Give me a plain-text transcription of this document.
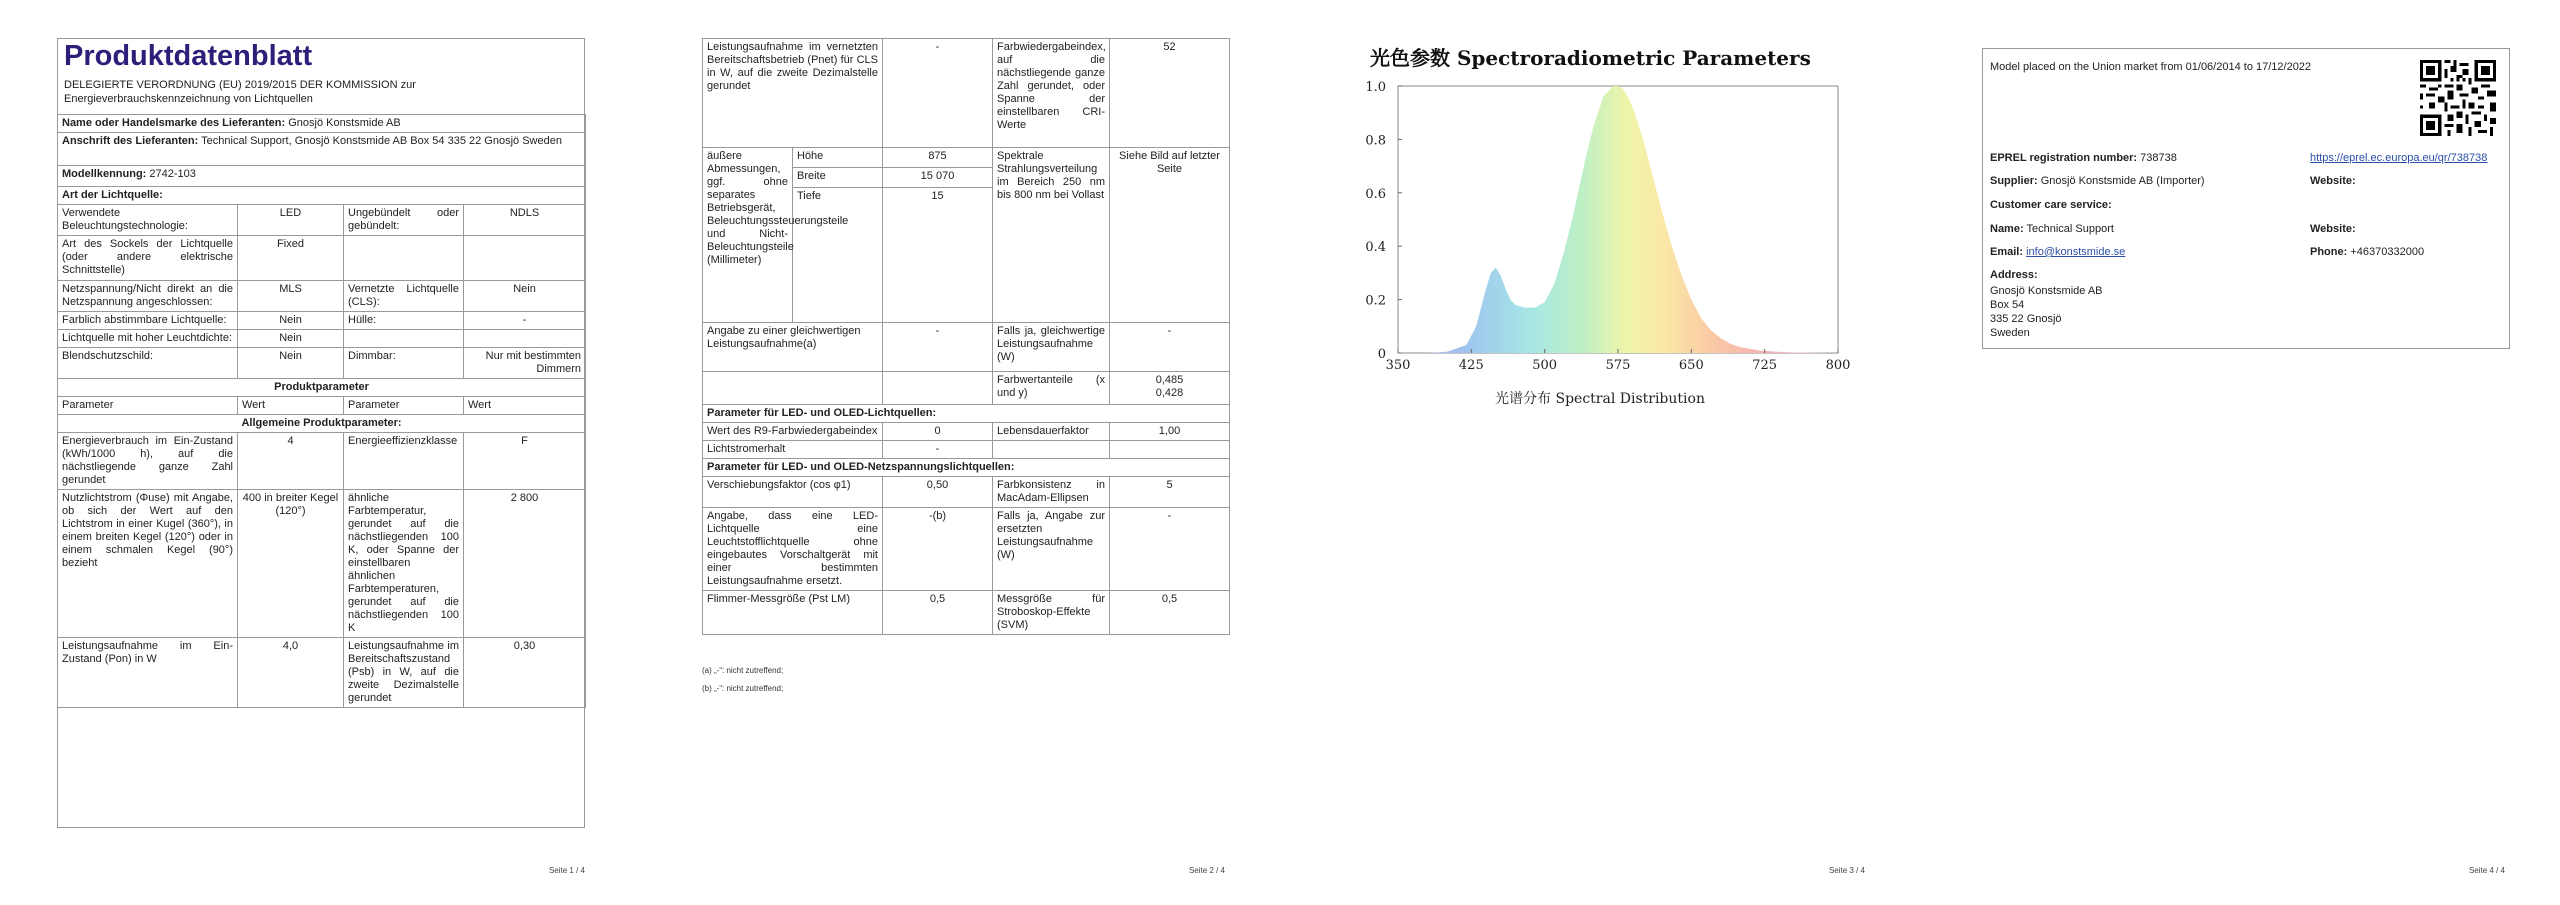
Produktdatenblatt
DELEGIERTE VERORDNUNG (EU) 2019/2015 DER KOMMISSION zur Energieverbrauchskennzeichnung von Lichtquellen
Name oder Handelsmarke des Lieferanten: Gnosjö Konstsmide AB			
Anschrift des Lieferanten: Technical Support, Gnosjö Konstsmide AB Box 54 335 22 Gnosjö Sweden			
Modellkennung: 2742-103			
Art der Lichtquelle:			
Verwendete Beleuchtungstechnologie:	LED	Ungebündelt oder gebündelt:	NDLS
Art des Sockels der Lichtquelle (oder andere elektrische Schnittstelle)	Fixed		
Netzspannung/Nicht direkt an die Netzspannung angeschlossen:	MLS	Vernetzte Lichtquelle (CLS):	Nein
Farblich abstimmbare Lichtquelle:	Nein	Hülle:	-
Lichtquelle mit hoher Leuchtdichte:	Nein		
Blendschutzschild:	Nein	Dimmbar:	Nur mit bestimmten Dimmern
Produktparameter			
Parameter	Wert	Parameter	Wert
Allgemeine Produktparameter:			
Energieverbrauch im Ein-Zustand (kWh/1000 h), auf die nächstliegende ganze Zahl gerundet	4	Energieeffizienzklasse	F
Nutzlichtstrom (Φuse) mit Angabe, ob sich der Wert auf den Lichtstrom in einer Kugel (360°), in einem breiten Kegel (120°) oder in einem schmalen Kegel (90°) bezieht	400 in breiter Kegel (120°)	ähnliche Farbtemperatur, gerundet auf die nächstliegenden 100 K, oder Spanne der einstellbaren ähnlichen Farbtemperaturen, gerundet auf die nächstliegenden 100 K	2 800
Leistungsaufnahme im Ein-Zustand (Pon) in W	4,0	Leistungsaufnahme im Bereitschaftszustand (Psb) in W, auf die zweite Dezimalstelle gerundet	0,30
Seite 1 / 4
Leistungsaufnahme im vernetzten Bereitschaftsbetrieb (Pnet) für CLS in W, auf die zweite Dezimalstelle gerundet		-	Farbwiedergabeindex, auf die nächstliegende ganze Zahl gerundet, oder Spanne der einstellbaren CRI-Werte	52
äußere Abmessungen, ggf. ohne separates Betriebsgerät, Beleuchtungssteuerungsteile und Nicht-Beleuchtungsteile (Millimeter)	Höhe	875	Spektrale Strahlungsverteilung im Bereich 250 nm bis 800 nm bei Vollast	Siehe Bild auf letzter Seite
	Breite	15 070		
	Tiefe	15		
Angabe zu einer gleichwertigen Leistungsaufnahme(a)		-	Falls ja, gleichwertige Leistungsaufnahme (W)	-
			Farbwertanteile (x und y)	0,485
0,428
Parameter für LED- und OLED-Lichtquellen:				
Wert des R9-Farbwiedergabeindex		0	Lebensdauerfaktor	1,00
Lichtstromerhalt		-		
Parameter für LED- und OLED-Netzspannungslichtquellen:				
Verschiebungsfaktor (cos φ1)		0,50	Farbkonsistenz in MacAdam-Ellipsen	5
Angabe, dass eine LED-Lichtquelle eine Leuchtstofflichtquelle ohne eingebautes Vorschaltgerät mit einer bestimmten Leistungsaufnahme ersetzt.		-(b)	Falls ja, Angabe zur ersetzten Leistungsaufnahme (W)	-
Flimmer-Messgröße (Pst LM)		0,5	Messgröße für Stroboskop-Effekte (SVM)	0,5
(a) „-“: nicht zutreffend;
(b) „-“: nicht zutreffend;
Seite 2 / 4
光色参数 Spectroradiometric Parameters
350	425	500	575	650	725	800
0
0.2
0.4
0.6
0.8
1.0
光谱分布 Spectral Distribution
Seite 3 / 4
Model placed on the Union market from 01/06/2014 to 17/12/2022
EPREL registration number: 738738	https://eprel.ec.europa.eu/qr/738738
Supplier: Gnosjö Konstsmide AB (Importer)	Website:
Customer care service:
Name: Technical Support	Website:
Email: info@konstsmide.se	Phone: +46370332000
Address:
Gnosjö Konstsmide AB
Box 54
335 22 Gnosjö
Sweden
Seite 4 / 4
